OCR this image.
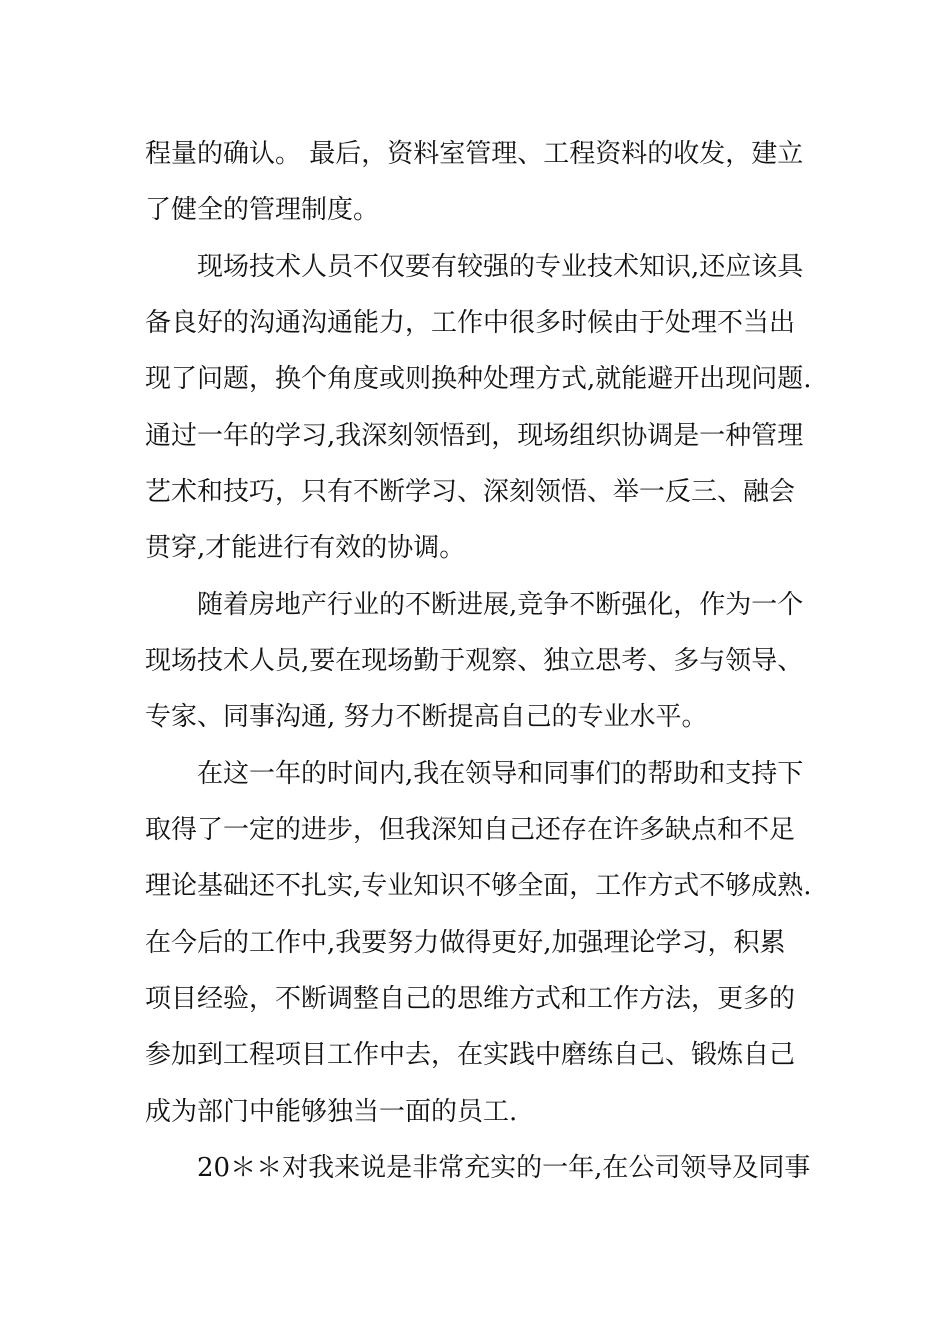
程量的确认。 最后，资料室管理、工程资料的收发，建立
了健全的管理制度。
现场技术人员不仅要有较强的专业技术知识,还应该具
备良好的沟通沟通能力，工作中很多时候由于处理不当出
现了问题，换个角度或则换种处理方式,就能避开出现问题.
通过一年的学习,我深刻领悟到，现场组织协调是一种管理
艺术和技巧，只有不断学习、深刻领悟、举一反三、融会
贯穿,才能进行有效的协调。
随着房地产行业的不断进展,竞争不断强化，作为一个
现场技术人员,要在现场勤于观察、独立思考、多与领导、
专家、同事沟通, 努力不断提高自己的专业水平。
在这一年的时间内,我在领导和同事们的帮助和支持下
取得了一定的进步，但我深知自己还存在许多缺点和不足
理论基础还不扎实,专业知识不够全面，工作方式不够成熟.
在今后的工作中,我要努力做得更好,加强理论学习，积累
项目经验，不断调整自己的思维方式和工作方法，更多的
参加到工程项目工作中去，在实践中磨练自己、锻炼自己
成为部门中能够独当一面的员工.
20＊＊对我来说是非常充实的一年,在公司领导及同事
